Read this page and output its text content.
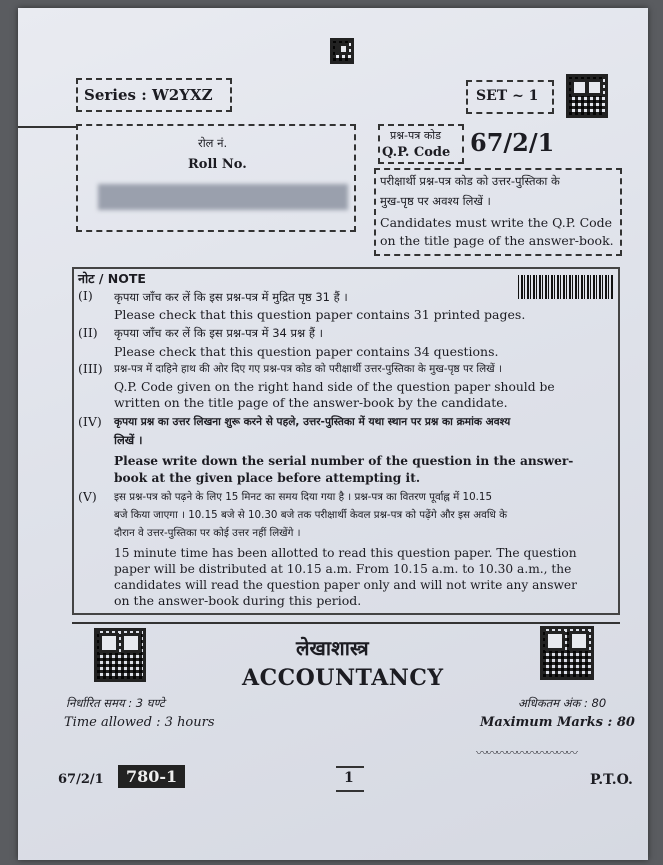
Series : W2YXZ	SET ~ 1
रोल नं.
Roll No.
प्रश्न-पत्र कोड
Q.P. Code 67/2/1
परीक्षार्थी प्रश्न-पत्र कोड को उत्तर-पुस्तिका के
मुख-पृष्ठ पर अवश्य लिखें ।
Candidates must write the Q.P. Code
on the title page of the answer-book.
नोट / NOTE
(I) कृपया जाँच कर लें कि इस प्रश्न-पत्र में मुद्रित पृष्ठ 31 हैं ।
Please check that this question paper contains 31 printed pages.
(II) कृपया जाँच कर लें कि इस प्रश्न-पत्र में 34 प्रश्न हैं ।
Please check that this question paper contains 34 questions.
(III) प्रश्न-पत्र में दाहिने हाथ की ओर दिए गए प्रश्न-पत्र कोड को परीक्षार्थी उत्तर-पुस्तिका के मुख-पृष्ठ पर लिखें ।
Q.P. Code given on the right hand side of the question paper should be
written on the title page of the answer-book by the candidate.
(IV) कृपया प्रश्न का उत्तर लिखना शुरू करने से पहले, उत्तर-पुस्तिका में यथा स्थान पर प्रश्न का क्रमांक अवश्य
लिखें ।
Please write down the serial number of the question in the answer-
book at the given place before attempting it.
(V) इस प्रश्न-पत्र को पढ़ने के लिए 15 मिनट का समय दिया गया है । प्रश्न-पत्र का वितरण पूर्वाह्न में 10.15
बजे किया जाएगा । 10.15 बजे से 10.30 बजे तक परीक्षार्थी केवल प्रश्न-पत्र को पढ़ेंगे और इस अवधि के
दौरान वे उत्तर-पुस्तिका पर कोई उत्तर नहीं लिखेंगे ।
15 minute time has been allotted to read this question paper. The question
paper will be distributed at 10.15 a.m. From 10.15 a.m. to 10.30 a.m., the
candidates will read the question paper only and will not write any answer
on the answer-book during this period.
लेखाशास्त्र
ACCOUNTANCY
निर्धारित समय : 3 घण्टे
Time allowed : 3 hours
अधिकतम अंक : 80
Maximum Marks : 80
〰〰〰〰〰〰〰〰〰〰
67/2/1	780-1	1	P.T.O.
